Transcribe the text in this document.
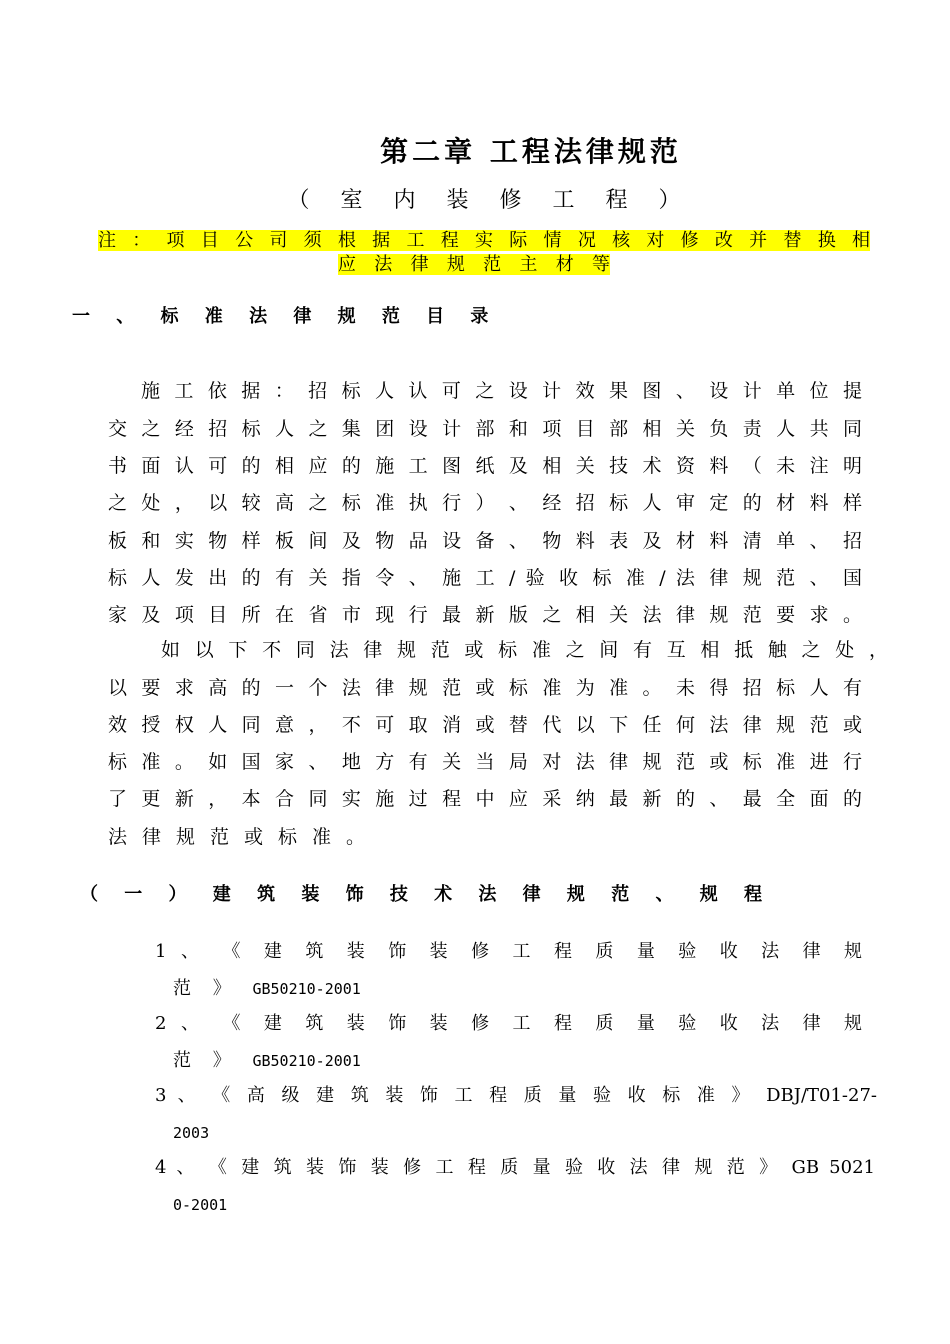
第二章 工程法律规范
（ 室 内 装 修 工 程 ）
注 ： 项 目 公 司 须 根 据 工 程 实 际 情 况 核 对 修 改 并 替 换 相
应 法 律 规 范 主 材 等
一 、 标 准 法 律 规 范 目 录
施 工 依 据 ： 招 标 人 认 可 之 设 计 效 果 图 、 设 计 单 位 提
交 之 经 招 标 人 之 集 团 设 计 部 和 项 目 部 相 关 负 责 人 共 同
书 面 认 可 的 相 应 的 施 工 图 纸 及 相 关 技 术 资 料 （ 未 注 明
之 处 ， 以 较 高 之 标 准 执 行 ） 、 经 招 标 人 审 定 的 材 料 样
板 和 实 物 样 板 间 及 物 品 设 备 、 物 料 表 及 材 料 清 单 、 招
标 人 发 出 的 有 关 指 令 、 施 工 / 验 收 标 准 / 法 律 规 范 、 国
家 及 项 目 所 在 省 市 现 行 最 新 版 之 相 关 法 律 规 范 要 求 。
如 以 下 不 同 法 律 规 范 或 标 准 之 间 有 互 相 抵 触 之 处 ，
以 要 求 高 的 一 个 法 律 规 范 或 标 准 为 准 。 未 得 招 标 人 有
效 授 权 人 同 意 ， 不 可 取 消 或 替 代 以 下 任 何 法 律 规 范 或
标 准 。 如 国 家 、 地 方 有 关 当 局 对 法 律 规 范 或 标 准 进 行
了 更 新 ， 本 合 同 实 施 过 程 中 应 采 纳 最 新 的 、 最 全 面 的
法律规范或标准。
（ 一 ） 建 筑 装 饰 技 术 法 律 规 范 、 规 程
1 、 《 建 筑 装 饰 装 修 工 程 质 量 验 收 法 律 规
范 》 GB50210-2001
2 、 《 建 筑 装 饰 装 修 工 程 质 量 验 收 法 律 规
范 》 GB50210-2001
3 、 《 高 级 建 筑 装 饰 工 程 质 量 验 收 标 准 》 DBJ/T01-27-
2003
4 、 《 建 筑 装 饰 装 修 工 程 质 量 验 收 法 律 规 范 》 GB 5021
0-2001
